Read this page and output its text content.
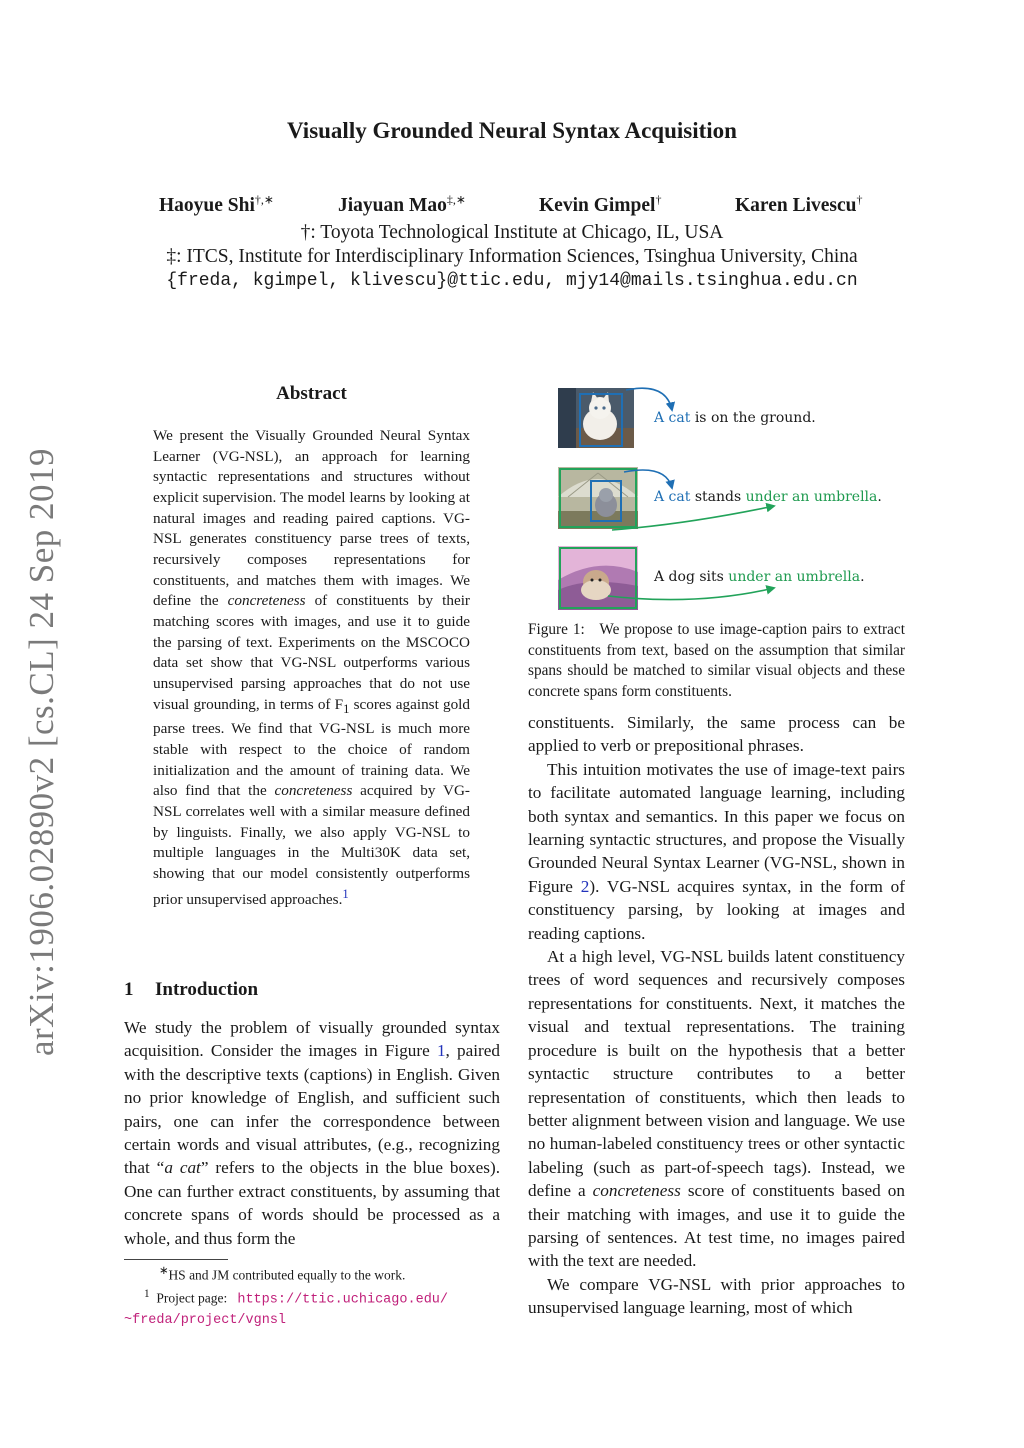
arXiv:1906.02890v2 [cs.CL] 24 Sep 2019
Visually Grounded Neural Syntax Acquisition
Haoyue Shi†,∗	Jiayuan Mao‡,∗	Kevin Gimpel†	Karen Livescu†
†: Toyota Technological Institute at Chicago, IL, USA
‡: ITCS, Institute for Interdisciplinary Information Sciences, Tsinghua University, China
{freda, kgimpel, klivescu}@ttic.edu, mjy14@mails.tsinghua.edu.cn
Abstract
We present the Visually Grounded Neural Syntax Learner (VG-NSL), an approach for learning syntactic representations and structures without explicit supervision. The model learns by looking at natural images and reading paired captions. VG-NSL generates constituency parse trees of texts, recursively composes representations for constituents, and matches them with images. We define the concreteness of constituents by their matching scores with images, and use it to guide the parsing of text. Experiments on the MSCOCO data set show that VG-NSL outperforms various unsupervised parsing approaches that do not use visual grounding, in terms of $F_1$ scores against gold parse trees. We find that VG-NSL is much more stable with respect to the choice of random initialization and the amount of training data. We also find that the concreteness acquired by VG-NSL correlates well with a similar measure defined by linguists. Finally, we also apply VG-NSL to multiple languages in the Multi30K data set, showing that our model consistently outperforms prior unsupervised approaches.$^1$
1 Introduction

We study the problem of visually grounded syntax acquisition. Consider the images in Figure 1, paired with the descriptive texts (captions) in English. Given no prior knowledge of English, and sufficient such pairs, one can infer the correspondence between certain words and visual attributes, (e.g., recognizing that “a cat” refers to the objects in the blue boxes). One can further extract constituents, by assuming that concrete spans of words should be processed as a whole, and thus form the

∗HS and JM contributed equally to the work.
$^1$ Project page: https://ttic.uchicago.edu/
~freda/project/vgnsl
A cat is on the ground.
A cat stands under an umbrella.
A dog sits under an umbrella.
Figure 1: We propose to use image-caption pairs to extract constituents from text, based on the assumption that similar spans should be matched to similar visual objects and these concrete spans form constituents.

constituents. Similarly, the same process can be applied to verb or prepositional phrases.

This intuition motivates the use of image-text pairs to facilitate automated language learning, including both syntax and semantics. In this paper we focus on learning syntactic structures, and propose the Visually Grounded Neural Syntax Learner (VG-NSL, shown in Figure 2). VG-NSL acquires syntax, in the form of constituency parsing, by looking at images and reading captions.

At a high level, VG-NSL builds latent constituency trees of word sequences and recursively composes representations for constituents. Next, it matches the visual and textual representations. The training procedure is built on the hypothesis that a better syntactic structure contributes to a better representation of constituents, which then leads to better alignment between vision and language. We use no human-labeled constituency trees or other syntactic labeling (such as part-of-speech tags). Instead, we define a concreteness score of constituents based on their matching with images, and use it to guide the parsing of sentences. At test time, no images paired with the text are needed.

We compare VG-NSL with prior approaches to unsupervised language learning, most of which
